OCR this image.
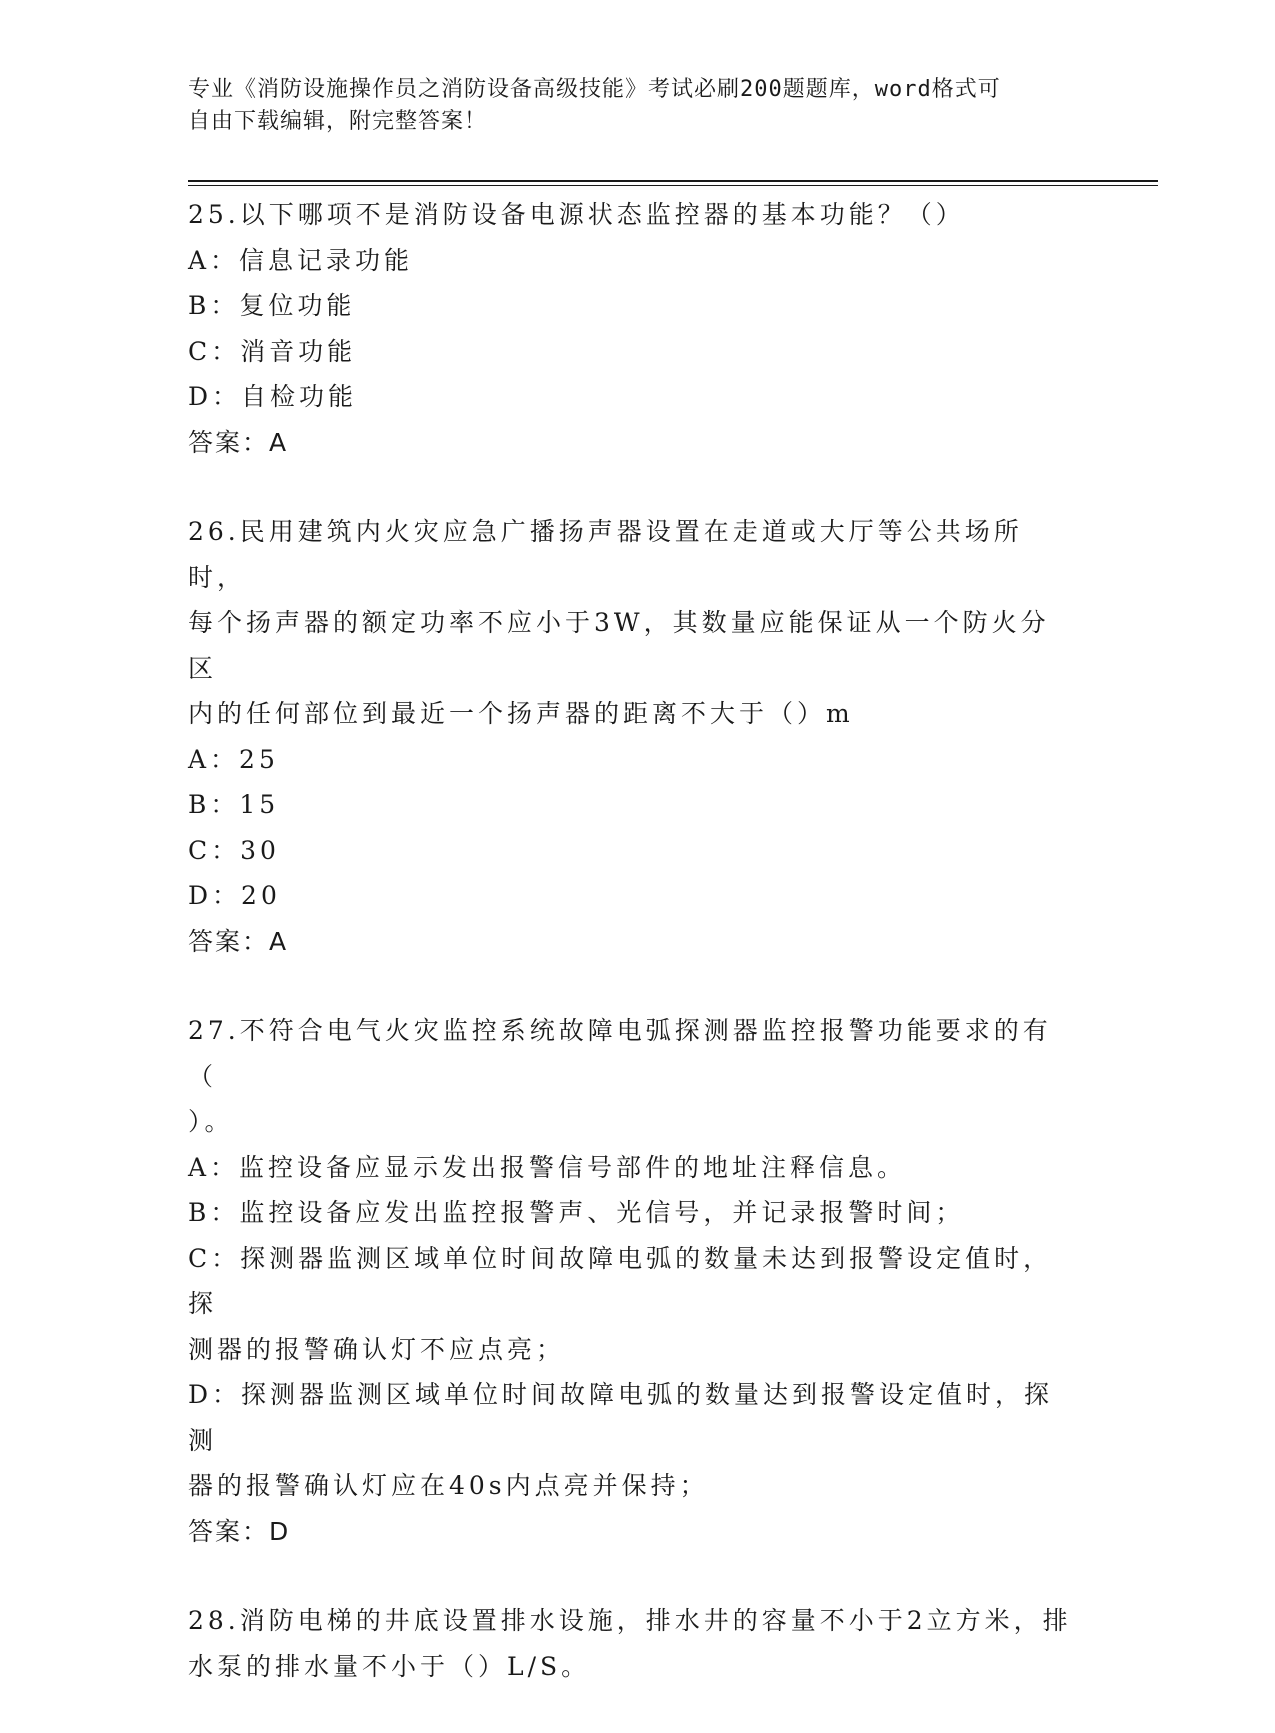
专业《消防设施操作员之消防设备高级技能》考试必刷200题题库，word格式可
自由下载编辑，附完整答案！
25.以下哪项不是消防设备电源状态监控器的基本功能？（）
A：信息记录功能
B：复位功能
C：消音功能
D：自检功能
答案：A
26.民用建筑内火灾应急广播扬声器设置在走道或大厅等公共场所时，
每个扬声器的额定功率不应小于3W，其数量应能保证从一个防火分区
内的任何部位到最近一个扬声器的距离不大于（）m
A：25
B：15
C：30
D：20
答案：A
27.不符合电气火灾监控系统故障电弧探测器监控报警功能要求的有（
）。
A：监控设备应显示发出报警信号部件的地址注释信息。
B：监控设备应发出监控报警声、光信号，并记录报警时间；
C：探测器监测区域单位时间故障电弧的数量未达到报警设定值时，探
测器的报警确认灯不应点亮；
D：探测器监测区域单位时间故障电弧的数量达到报警设定值时，探测
器的报警确认灯应在40s内点亮并保持；
答案：D
28.消防电梯的井底设置排水设施，排水井的容量不小于2立方米，排
水泵的排水量不小于（）L/S。
